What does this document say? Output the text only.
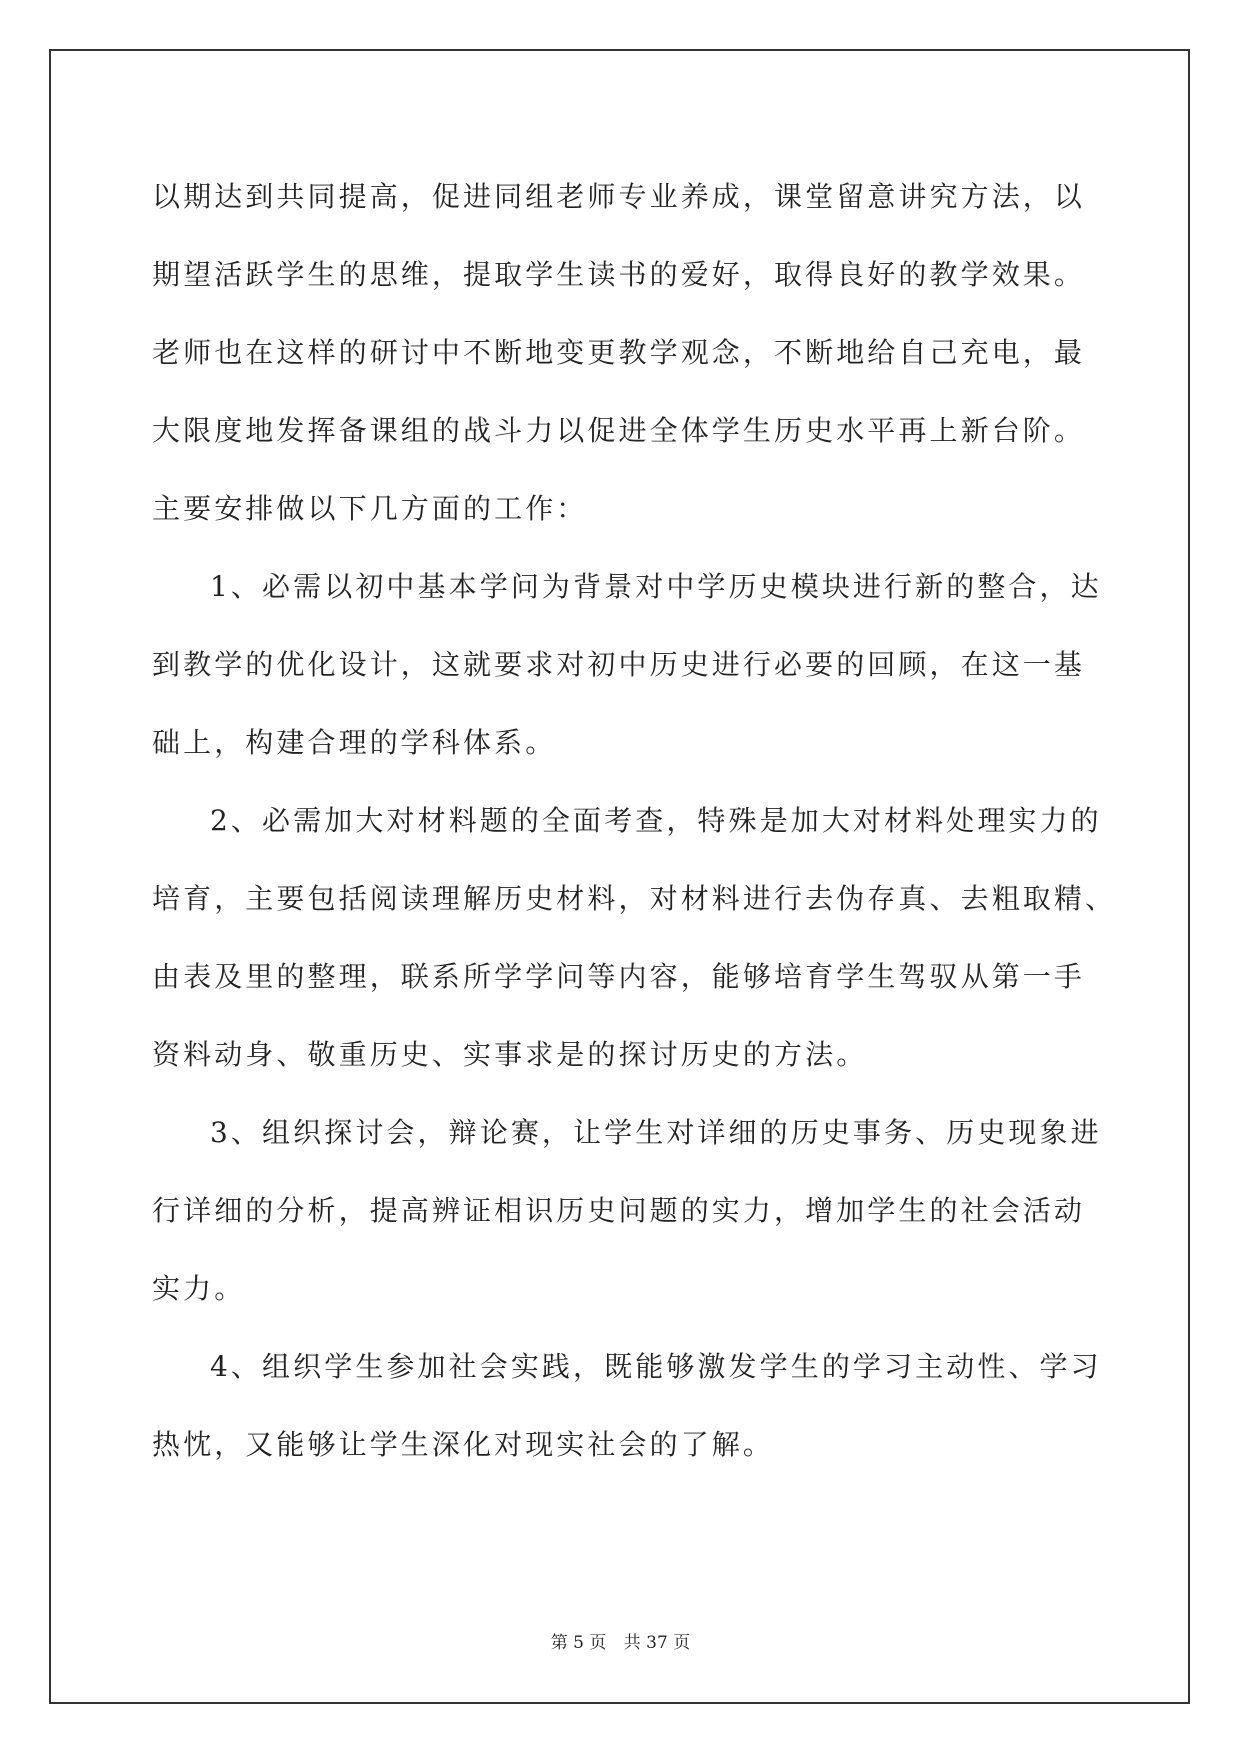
以期达到共同提高，促进同组老师专业养成，课堂留意讲究方法，以
期望活跃学生的思维，提取学生读书的爱好，取得良好的教学效果。
老师也在这样的研讨中不断地变更教学观念，不断地给自己充电，最
大限度地发挥备课组的战斗力以促进全体学生历史水平再上新台阶。
主要安排做以下几方面的工作：
1、必需以初中基本学问为背景对中学历史模块进行新的整合，达
到教学的优化设计，这就要求对初中历史进行必要的回顾，在这一基
础上，构建合理的学科体系。
2、必需加大对材料题的全面考查，特殊是加大对材料处理实力的
培育，主要包括阅读理解历史材料，对材料进行去伪存真、去粗取精、
由表及里的整理，联系所学学问等内容，能够培育学生驾驭从第一手
资料动身、敬重历史、实事求是的探讨历史的方法。
3、组织探讨会，辩论赛，让学生对详细的历史事务、历史现象进
行详细的分析，提高辨证相识历史问题的实力，增加学生的社会活动
实力。
4、组织学生参加社会实践，既能够激发学生的学习主动性、学习
热忱，又能够让学生深化对现实社会的了解。
第 5 页 共 37 页
